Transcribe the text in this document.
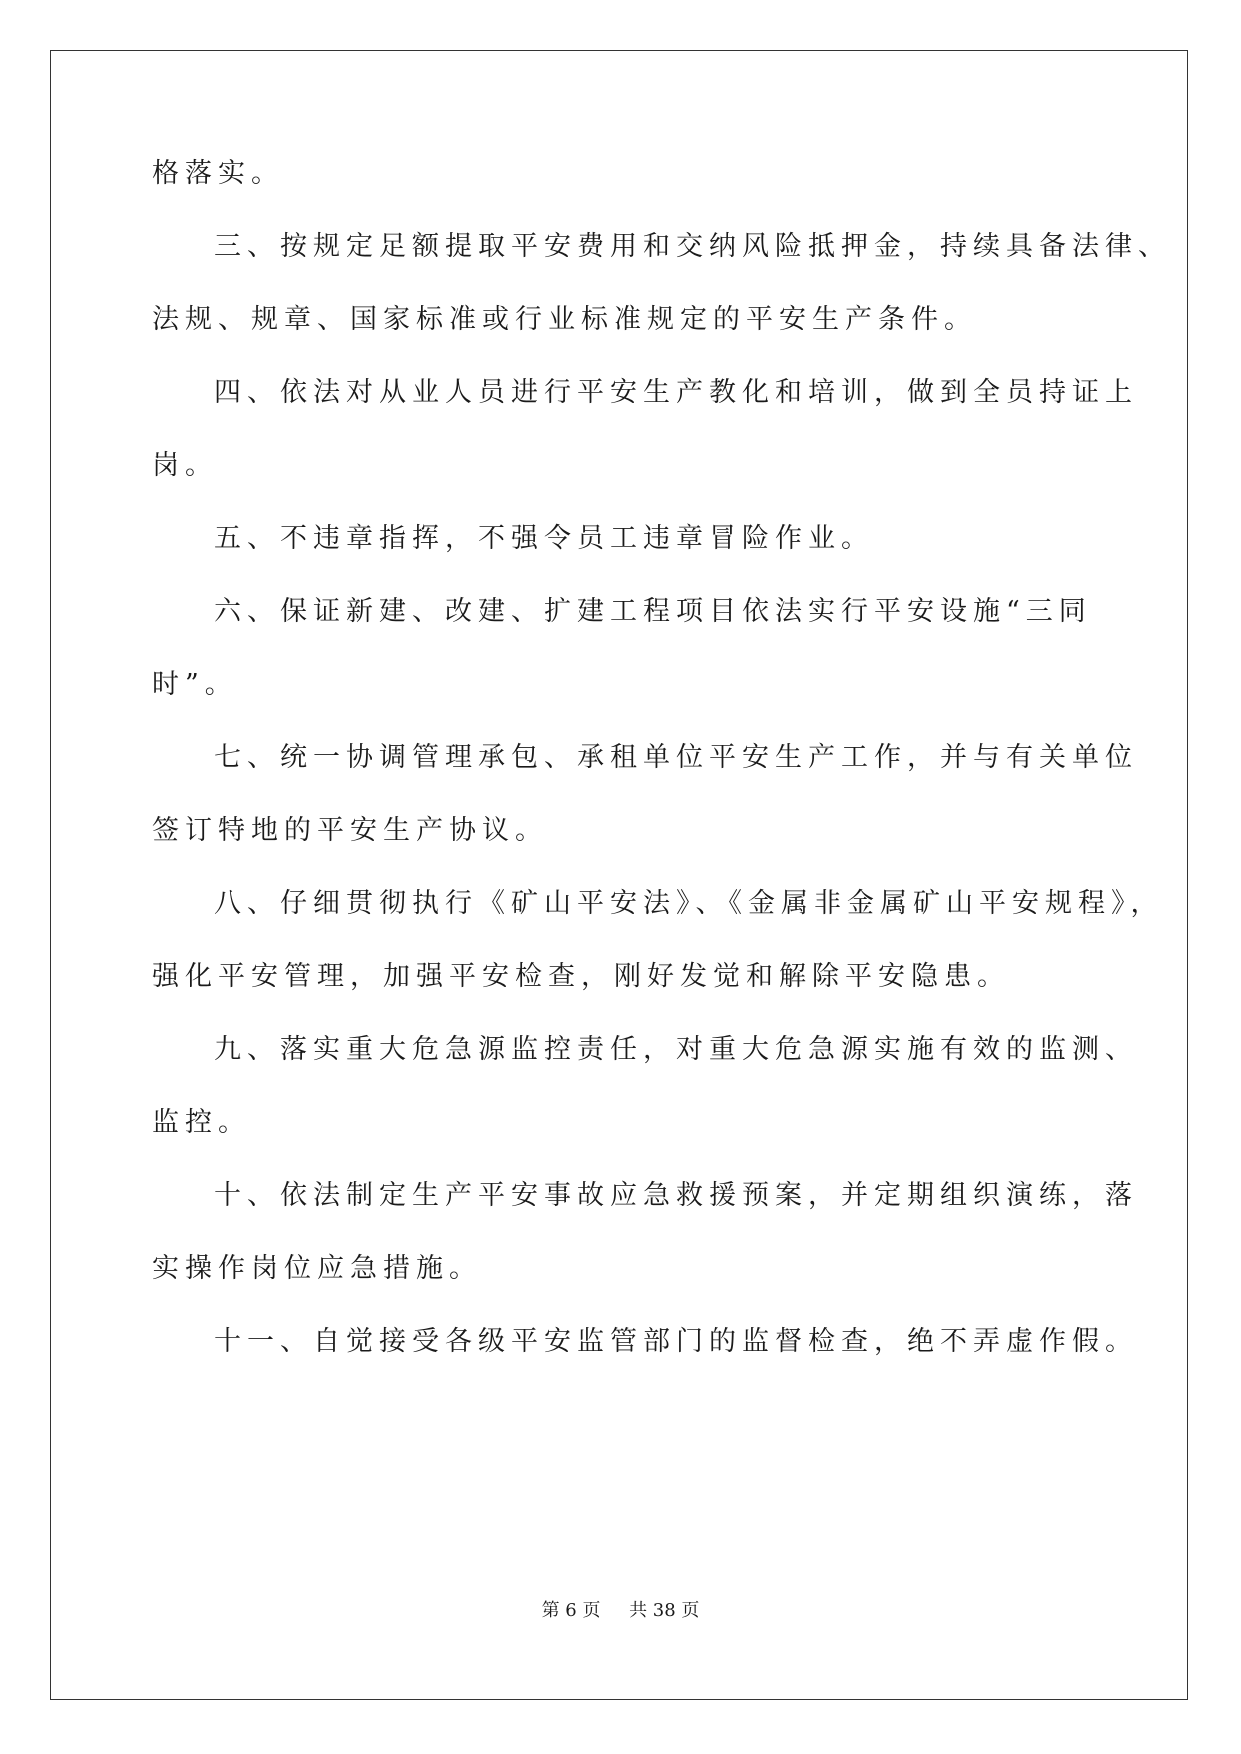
格落实。
三、按规定足额提取平安费用和交纳风险抵押金，持续具备法律、
法规、规章、国家标准或行业标准规定的平安生产条件。
四、依法对从业人员进行平安生产教化和培训，做到全员持证上
岗。
五、不违章指挥，不强令员工违章冒险作业。
六、保证新建、改建、扩建工程项目依法实行平安设施“三同
时”。
七、统一协调管理承包、承租单位平安生产工作，并与有关单位
签订特地的平安生产协议。
八、仔细贯彻执行《矿山平安法》、《金属非金属矿山平安规程》，
强化平安管理，加强平安检查，刚好发觉和解除平安隐患。
九、落实重大危急源监控责任，对重大危急源实施有效的监测、
监控。
十、依法制定生产平安事故应急救援预案，并定期组织演练，落
实操作岗位应急措施。
十一、自觉接受各级平安监管部门的监督检查，绝不弄虚作假。
第 6 页 共 38 页
